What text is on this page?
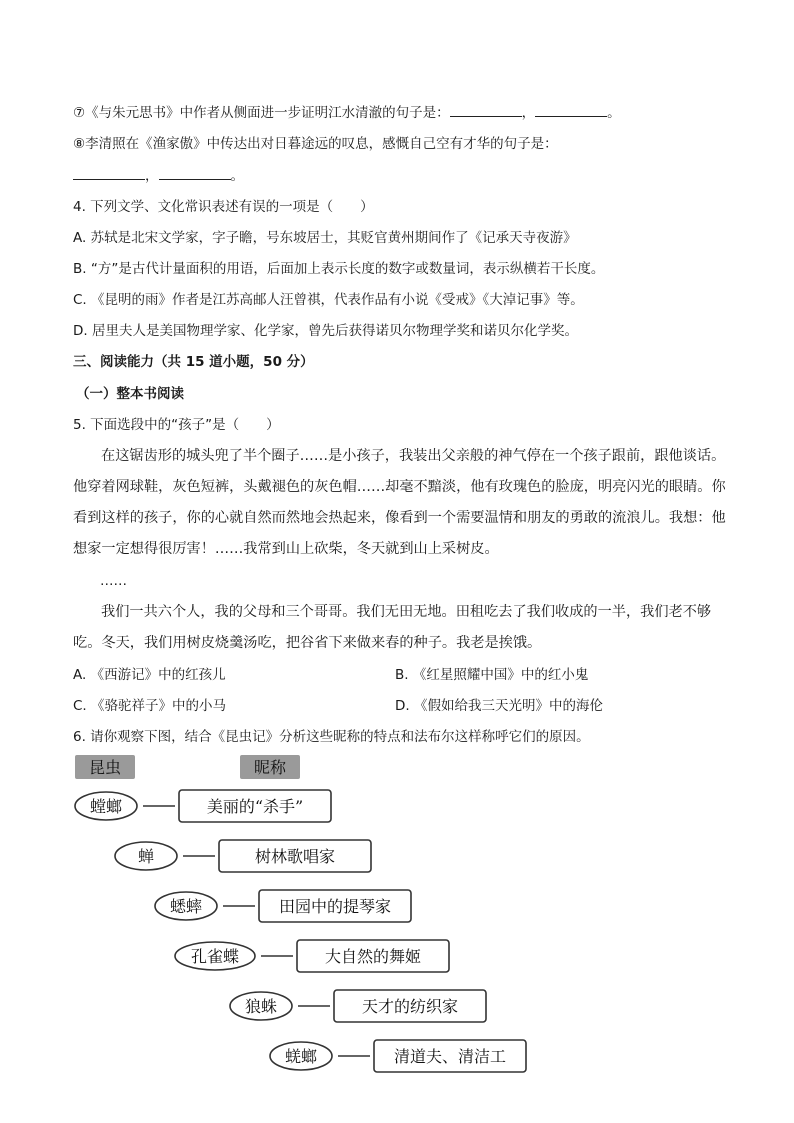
⑦《与朱元思书》中作者从侧面进一步证明江水清澈的句子是：	，	。
⑧李清照在《渔家傲》中传达出对日暮途远的叹息，感慨自己空有才华的句子是：
，	。
4. 下列文学、文化常识表述有误的一项是（　　）
A. 苏轼是北宋文学家，字子瞻，号东坡居士，其贬官黄州期间作了《记承天寺夜游》
B. “方”是古代计量面积的用语，后面加上表示长度的数字或数量词，表示纵横若干长度。
C. 《昆明的雨》作者是江苏高邮人汪曾祺，代表作品有小说《受戒》《大淖记事》等。
D. 居里夫人是美国物理学家、化学家，曾先后获得诺贝尔物理学奖和诺贝尔化学奖。
三、阅读能力（共 15 道小题，50 分）
（一）整本书阅读
5. 下面选段中的“孩子”是（　　）
在这锯齿形的城头兜了半个圈子……是小孩子，我装出父亲般的神气停在一个孩子跟前，跟他谈话。他穿着网球鞋，灰色短裤，头戴褪色的灰色帽……却毫不黯淡，他有玫瑰色的脸庞，明亮闪光的眼睛。你看到这样的孩子，你的心就自然而然地会热起来，像看到一个需要温情和朋友的勇敢的流浪儿。我想：他想家一定想得很厉害！……我常到山上砍柴，冬天就到山上采树皮。
……
我们一共六个人，我的父母和三个哥哥。我们无田无地。田租吃去了我们收成的一半，我们老不够吃。冬天，我们用树皮烧羹汤吃，把谷省下来做来春的种子。我老是挨饿。
A. 《西游记》中的红孩儿	B. 《红星照耀中国》中的红小鬼
C. 《骆驼祥子》中的小马	D. 《假如给我三天光明》中的海伦
6. 请你观察下图，结合《昆虫记》分析这些昵称的特点和法布尔这样称呼它们的原因。
昆虫	昵称
螳螂	美丽的“杀手”
蝉	树林歌唱家
蟋蟀	田园中的提琴家
孔雀蝶	大自然的舞姬
狼蛛	天才的纺织家
蜣螂	清道夫、清洁工
